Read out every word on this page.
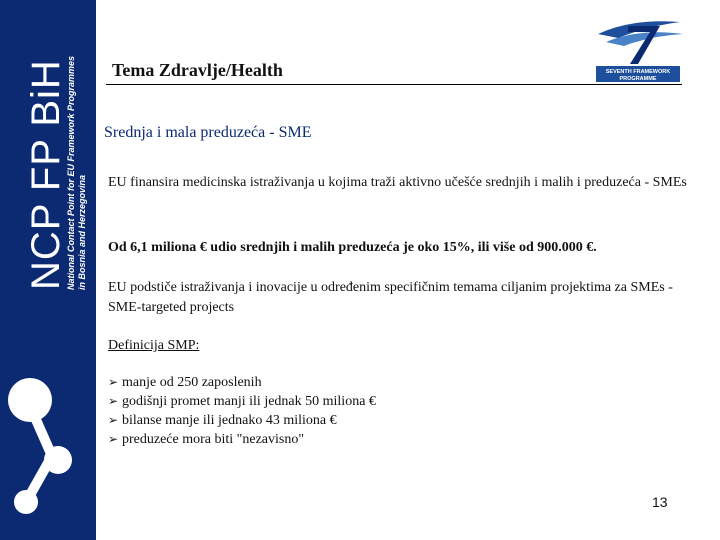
NCP FP BiH
National Contact Point for EU Framework Programmes in Bosnia and Herzegovina
Tema Zdravlje/Health	SEVENTH FRAMEWORK
PROGRAMME
Srednja i mala preduzeća - SME
EU finansira medicinska istraživanja u kojima traži aktivno učešće srednjih i malih i preduzeća - SMEs
Od 6,1 miliona € udio srednjih i malih preduzeća je oko 15%, ili više od 900.000 €.
EU podstiče istraživanja i inovacije u određenim specifičnim temama ciljanim projektima za SMEs - SME-targeted projects
Definicija SMP:
➢ manje od 250 zaposlenih
➢ godišnji promet manji ili jednak 50 miliona €
➢ bilanse manje ili jednako 43 miliona €
➢ preduzeće mora biti "nezavisno"
13
